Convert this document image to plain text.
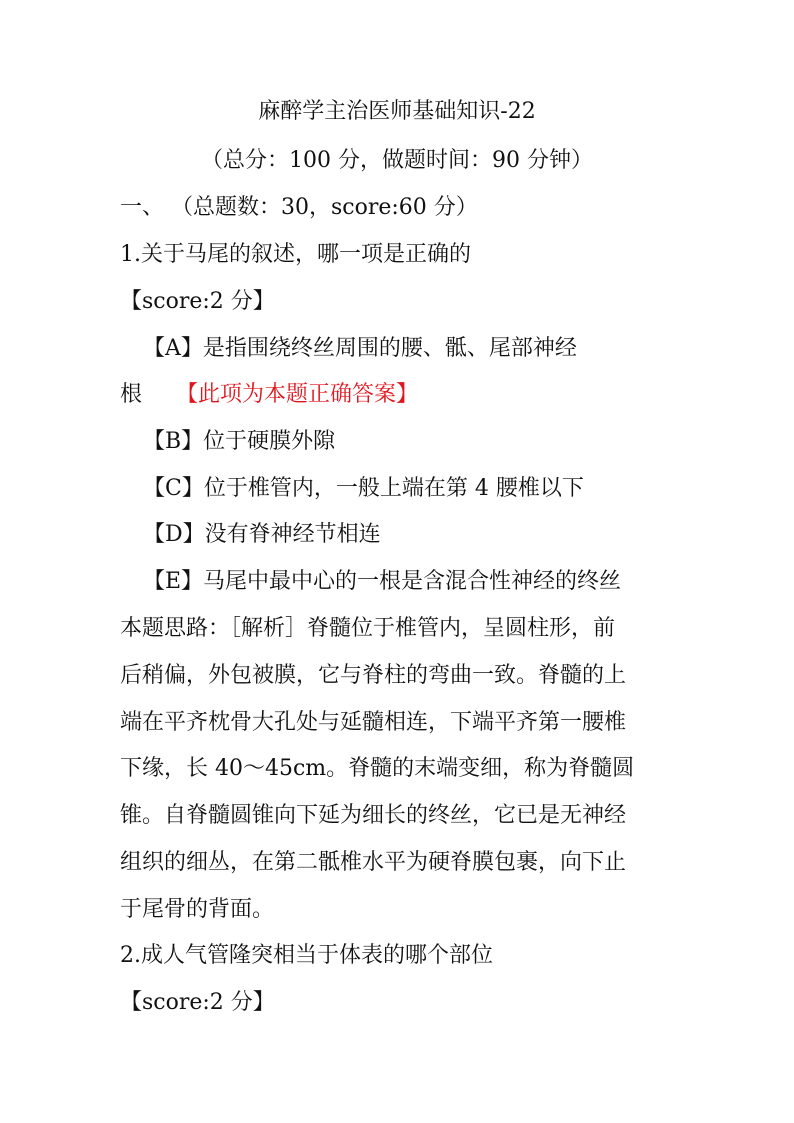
麻醉学主治医师基础知识-22
（总分：100 分，做题时间：90 分钟）
一、 （总题数：30，score:60 分）
1.关于马尾的叙述，哪一项是正确的
【score:2 分】
【A】是指围绕终丝周围的腰、骶、尾部神经
根 【此项为本题正确答案】
【B】位于硬膜外隙
【C】位于椎管内，一般上端在第 4 腰椎以下
【D】没有脊神经节相连
【E】马尾中最中心的一根是含混合性神经的终丝
本题思路：［解析］脊髓位于椎管内，呈圆柱形，前
后稍偏，外包被膜，它与脊柱的弯曲一致。脊髓的上
端在平齐枕骨大孔处与延髓相连，下端平齐第一腰椎
下缘，长 40～45cm。脊髓的末端变细，称为脊髓圆
锥。自脊髓圆锥向下延为细长的终丝，它已是无神经
组织的细丛，在第二骶椎水平为硬脊膜包裹，向下止
于尾骨的背面。
2.成人气管隆突相当于体表的哪个部位
【score:2 分】
